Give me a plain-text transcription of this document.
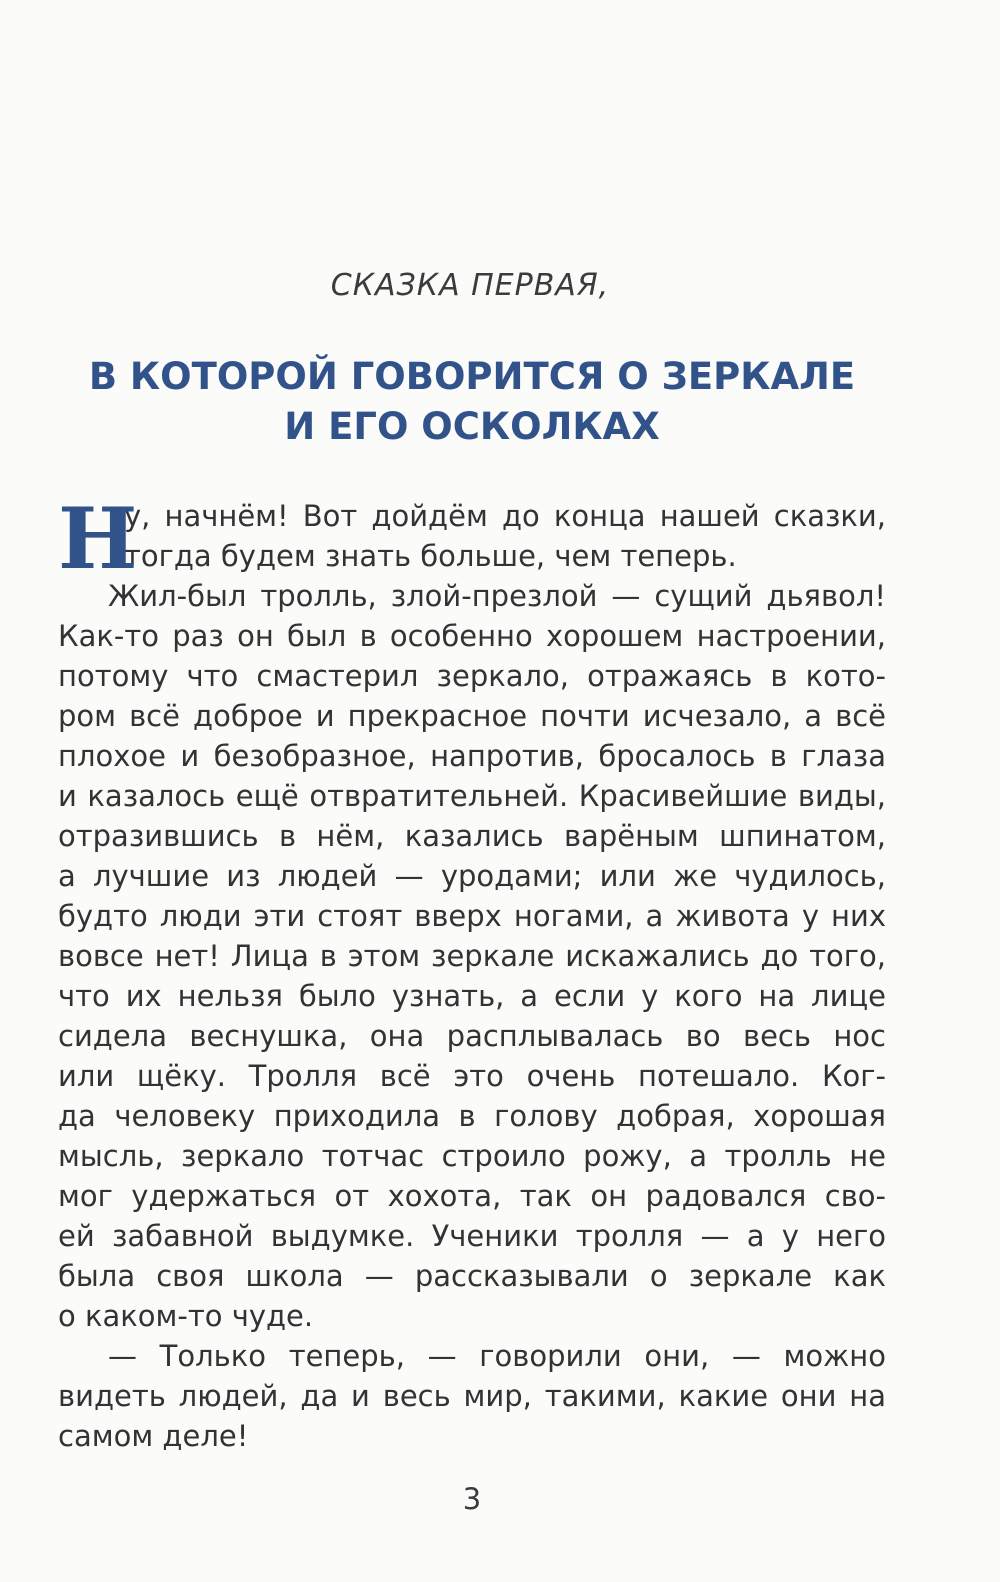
СКАЗКА ПЕРВАЯ,
В КОТОРОЙ ГОВОРИТСЯ О ЗЕРКАЛЕ
И ЕГО ОСКОЛКАХ
Н
у, начнём! Вот дойдём до конца нашей сказки,
тогда будем знать больше, чем теперь.
Жил-был тролль, злой-презлой — сущий дьявол!
Как-то раз он был в особенно хорошем настроении,
потому что смастерил зеркало, отражаясь в кото-
ром всё доброе и прекрасное почти исчезало, а всё
плохое и безобразное, напротив, бросалось в глаза
и казалось ещё отвратительней. Красивейшие виды,
отразившись в нём, казались варёным шпинатом,
а лучшие из людей — уродами; или же чудилось,
будто люди эти стоят вверх ногами, а живота у них
вовсе нет! Лица в этом зеркале искажались до того,
что их нельзя было узнать, а если у кого на лице
сидела веснушка, она расплывалась во весь нос
или щёку. Тролля всё это очень потешало. Ког-
да человеку приходила в голову добрая, хорошая
мысль, зеркало тотчас строило рожу, а тролль не
мог удержаться от хохота, так он радовался сво-
ей забавной выдумке. Ученики тролля — а у него
была своя школа — рассказывали о зеркале как
о каком-то чуде.
— Только теперь, — говорили они, — можно
видеть людей, да и весь мир, такими, какие они на
самом деле!
3
